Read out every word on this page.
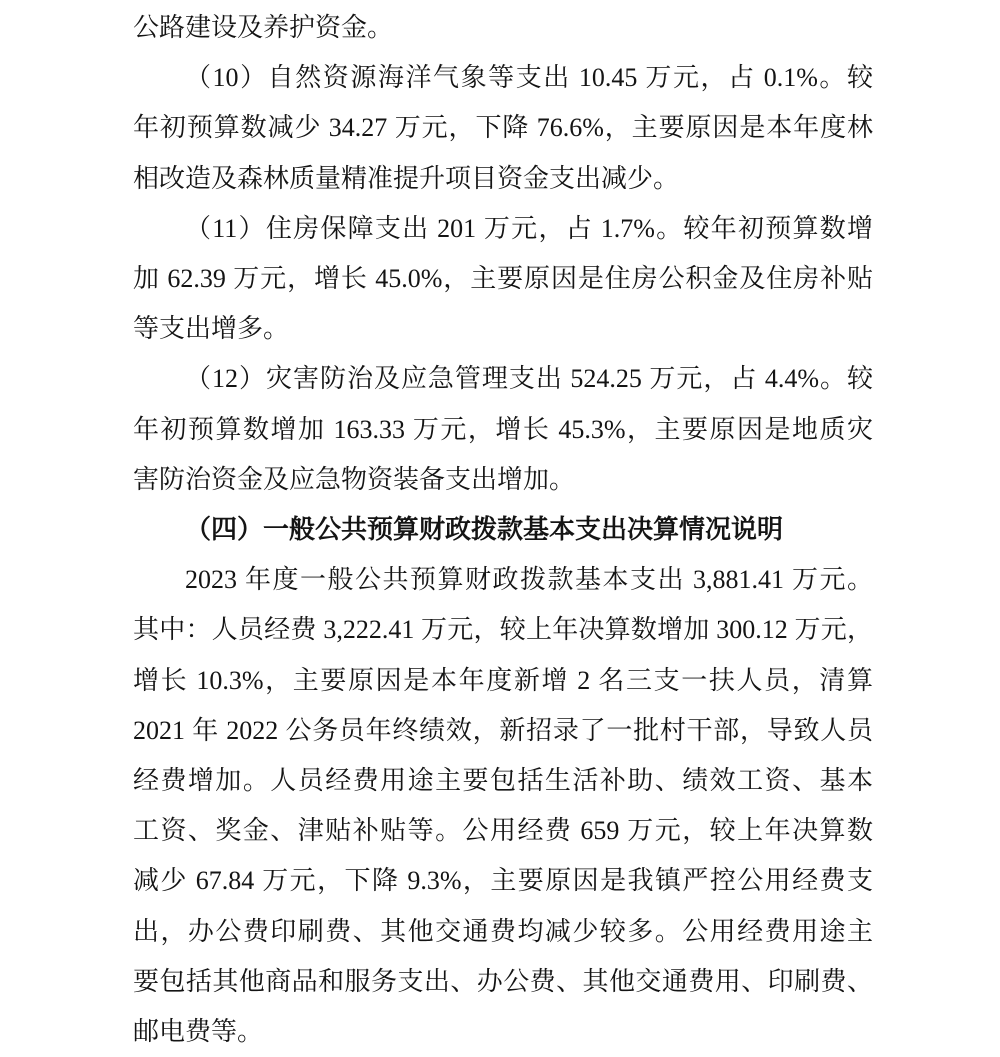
公路建设及养护资金。
（10）自然资源海洋气象等支出 10.45 万元，占 0.1%。较
年初预算数减少 34.27 万元，下降 76.6%，主要原因是本年度林
相改造及森林质量精准提升项目资金支出减少。
（11）住房保障支出 201 万元，占 1.7%。较年初预算数增
加 62.39 万元，增长 45.0%，主要原因是住房公积金及住房补贴
等支出增多。
（12）灾害防治及应急管理支出 524.25 万元，占 4.4%。较
年初预算数增加 163.33 万元，增长 45.3%，主要原因是地质灾
害防治资金及应急物资装备支出增加。
（四）一般公共预算财政拨款基本支出决算情况说明
2023 年度一般公共预算财政拨款基本支出 3,881.41 万元。
其中：人员经费 3,222.41 万元，较上年决算数增加 300.12 万元，
增长 10.3%，主要原因是本年度新增 2 名三支一扶人员，清算
2021 年 2022 公务员年终绩效，新招录了一批村干部，导致人员
经费增加。人员经费用途主要包括生活补助、绩效工资、基本
工资、奖金、津贴补贴等。公用经费 659 万元，较上年决算数
减少 67.84 万元，下降 9.3%，主要原因是我镇严控公用经费支
出，办公费印刷费、其他交通费均减少较多。公用经费用途主
要包括其他商品和服务支出、办公费、其他交通费用、印刷费、
邮电费等。
